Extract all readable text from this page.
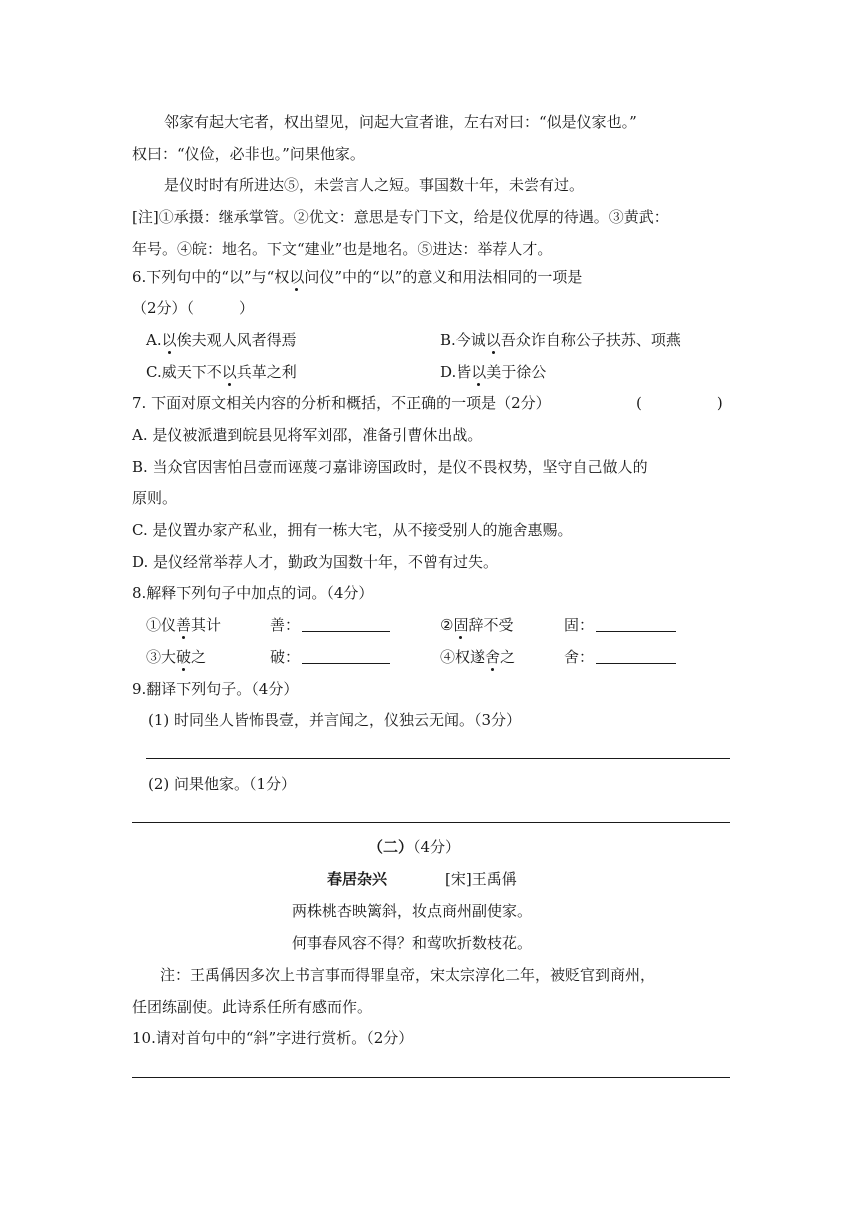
邻家有起大宅者，权出望见，问起大宣者谁，左右对曰：“似是仪家也。”
权曰：“仪俭，必非也。”问果他家。
是仪时时有所进达⑤，未尝言人之短。事国数十年，未尝有过。
[注]①承摄：继承掌管。②优文：意思是专门下文，给是仪优厚的待遇。③黄武：
年号。④皖：地名。下文“建业”也是地名。⑤进达：举荐人才。
6.下列句中的“以”与“权以问仪”中的“以”的意义和用法相同的一项是
（2分）（　　　）
A.以俟夫观人风者得焉	B.今诚以吾众诈自称公子扶苏、项燕
C.威天下不以兵革之利	D.皆以美于徐公
7. 下面对原文相关内容的分析和概括，不正确的一项是（2分）	(　　　　　)
A. 是仪被派遣到皖县见将军刘邵，准备引曹休出战。
B. 当众官因害怕吕壹而诬蔑刁嘉诽谤国政时，是仪不畏权势，坚守自己做人的
原则。
C. 是仪置办家产私业，拥有一栋大宅，从不接受别人的施舍惠赐。
D. 是仪经常举荐人才，勤政为国数十年，不曾有过失。
8.解释下列句子中加点的词。（4分）
①仪善其计	善：	②固辞不受	固：
③大破之	破：	④权遂舍之	舍：
9.翻译下列句子。（4分）
(1) 时同坐人皆怖畏壹，并言闻之，仪独云无闻。（3分）
(2) 问果他家。（1分）
（二）（4分）
春居杂兴	[宋]王禹偁
两株桃杏映篱斜，妆点商州副使家。
何事春风容不得？和莺吹折数枝花。
注：王禹偁因多次上书言事而得罪皇帝，宋太宗淳化二年，被贬官到商州，
任团练副使。此诗系任所有感而作。
10.请对首句中的“斜”字进行赏析。（2分）
